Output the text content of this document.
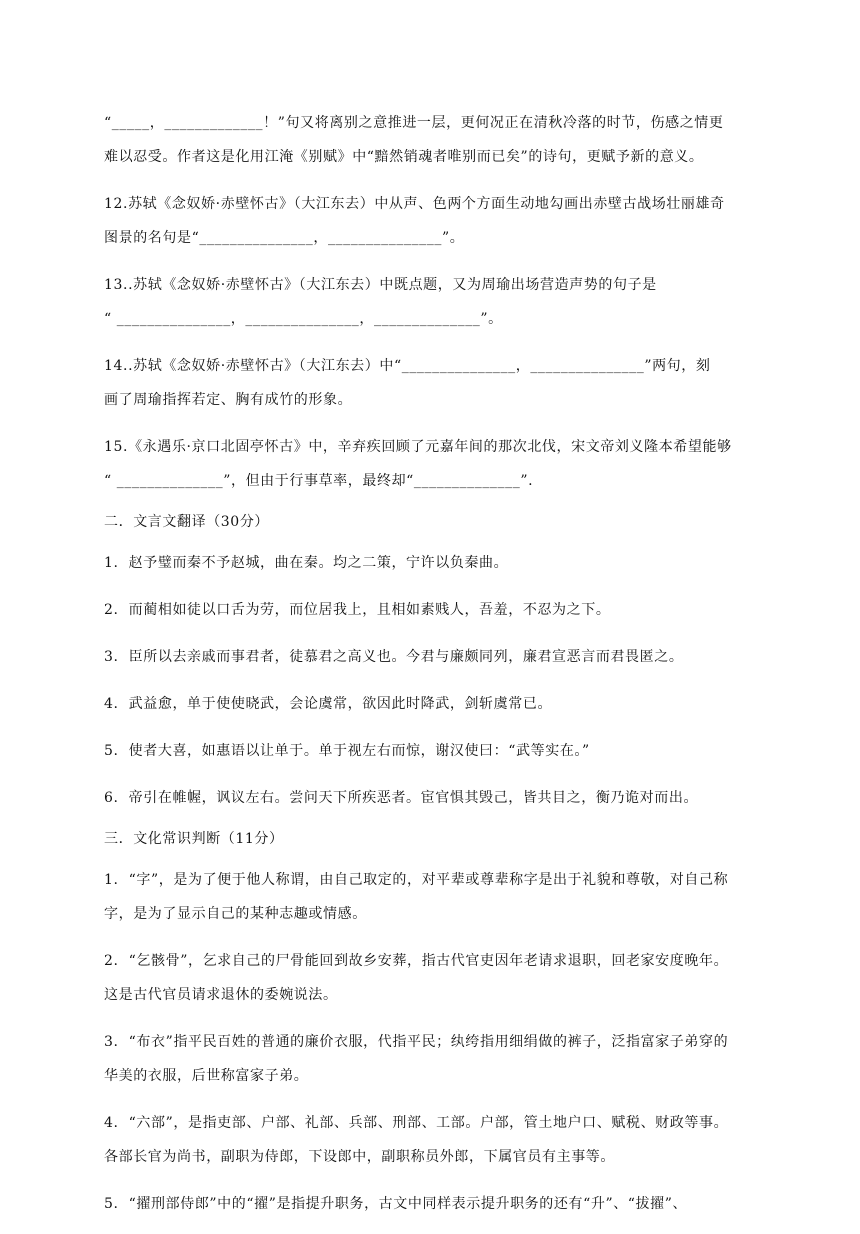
“_____，_____________！”句又将离别之意推进一层，更何况正在清秋冷落的时节，伤感之情更
难以忍受。作者这是化用江淹《别赋》中“黯然销魂者唯别而已矣”的诗句，更赋予新的意义。
12.苏轼《念奴娇·赤壁怀古》（大江东去）中从声、色两个方面生动地勾画出赤壁古战场壮丽雄奇
图景的名句是“_______________，_______________”。
13..苏轼《念奴娇·赤壁怀古》（大江东去）中既点题，又为周瑜出场营造声势的句子是
“ _______________，_______________，______________”。
14..苏轼《念奴娇·赤壁怀古》（大江东去）中“_______________，_______________”两句，刻
画了周瑜指挥若定、胸有成竹的形象。
15.《永遇乐·京口北固亭怀古》中，辛弃疾回顾了元嘉年间的那次北伐，宋文帝刘义隆本希望能够
“ ______________”，但由于行事草率，最终却“______________”.
二．文言文翻译（30分）
1.  赵予璧而秦不予赵城，曲在秦。均之二策，宁许以负秦曲。
2.  而蔺相如徒以口舌为劳，而位居我上，且相如素贱人，吾羞，不忍为之下。
3.  臣所以去亲戚而事君者，徒慕君之高义也。今君与廉颇同列，廉君宣恶言而君畏匿之。
4.  武益愈，单于使使晓武，会论虞常，欲因此时降武，剑斩虞常已。
5.  使者大喜，如惠语以让单于。单于视左右而惊，谢汉使曰：“武等实在。”
6.  帝引在帷幄，讽议左右。尝问天下所疾恶者。宦官惧其毁己，皆共目之，衡乃诡对而出。
三．文化常识判断（11分）
1.  “字”，是为了便于他人称谓，由自己取定的，对平辈或尊辈称字是出于礼貌和尊敬，对自己称
字，是为了显示自己的某种志趣或情感。
2.  “乞骸骨”，乞求自己的尸骨能回到故乡安葬，指古代官吏因年老请求退职，回老家安度晚年。
这是古代官员请求退休的委婉说法。
3.  “布衣”指平民百姓的普通的廉价衣服，代指平民；纨绔指用细绢做的裤子，泛指富家子弟穿的
华美的衣服，后世称富家子弟。
4.  “六部”，是指吏部、户部、礼部、兵部、刑部、工部。户部，管土地户口、赋税、财政等事。
各部长官为尚书，副职为侍郎，下设郎中，副职称员外郎，下属官员有主事等。
5.  “擢刑部侍郎”中的“擢”是指提升职务，古文中同样表示提升职务的还有“升”、“拔擢”、
